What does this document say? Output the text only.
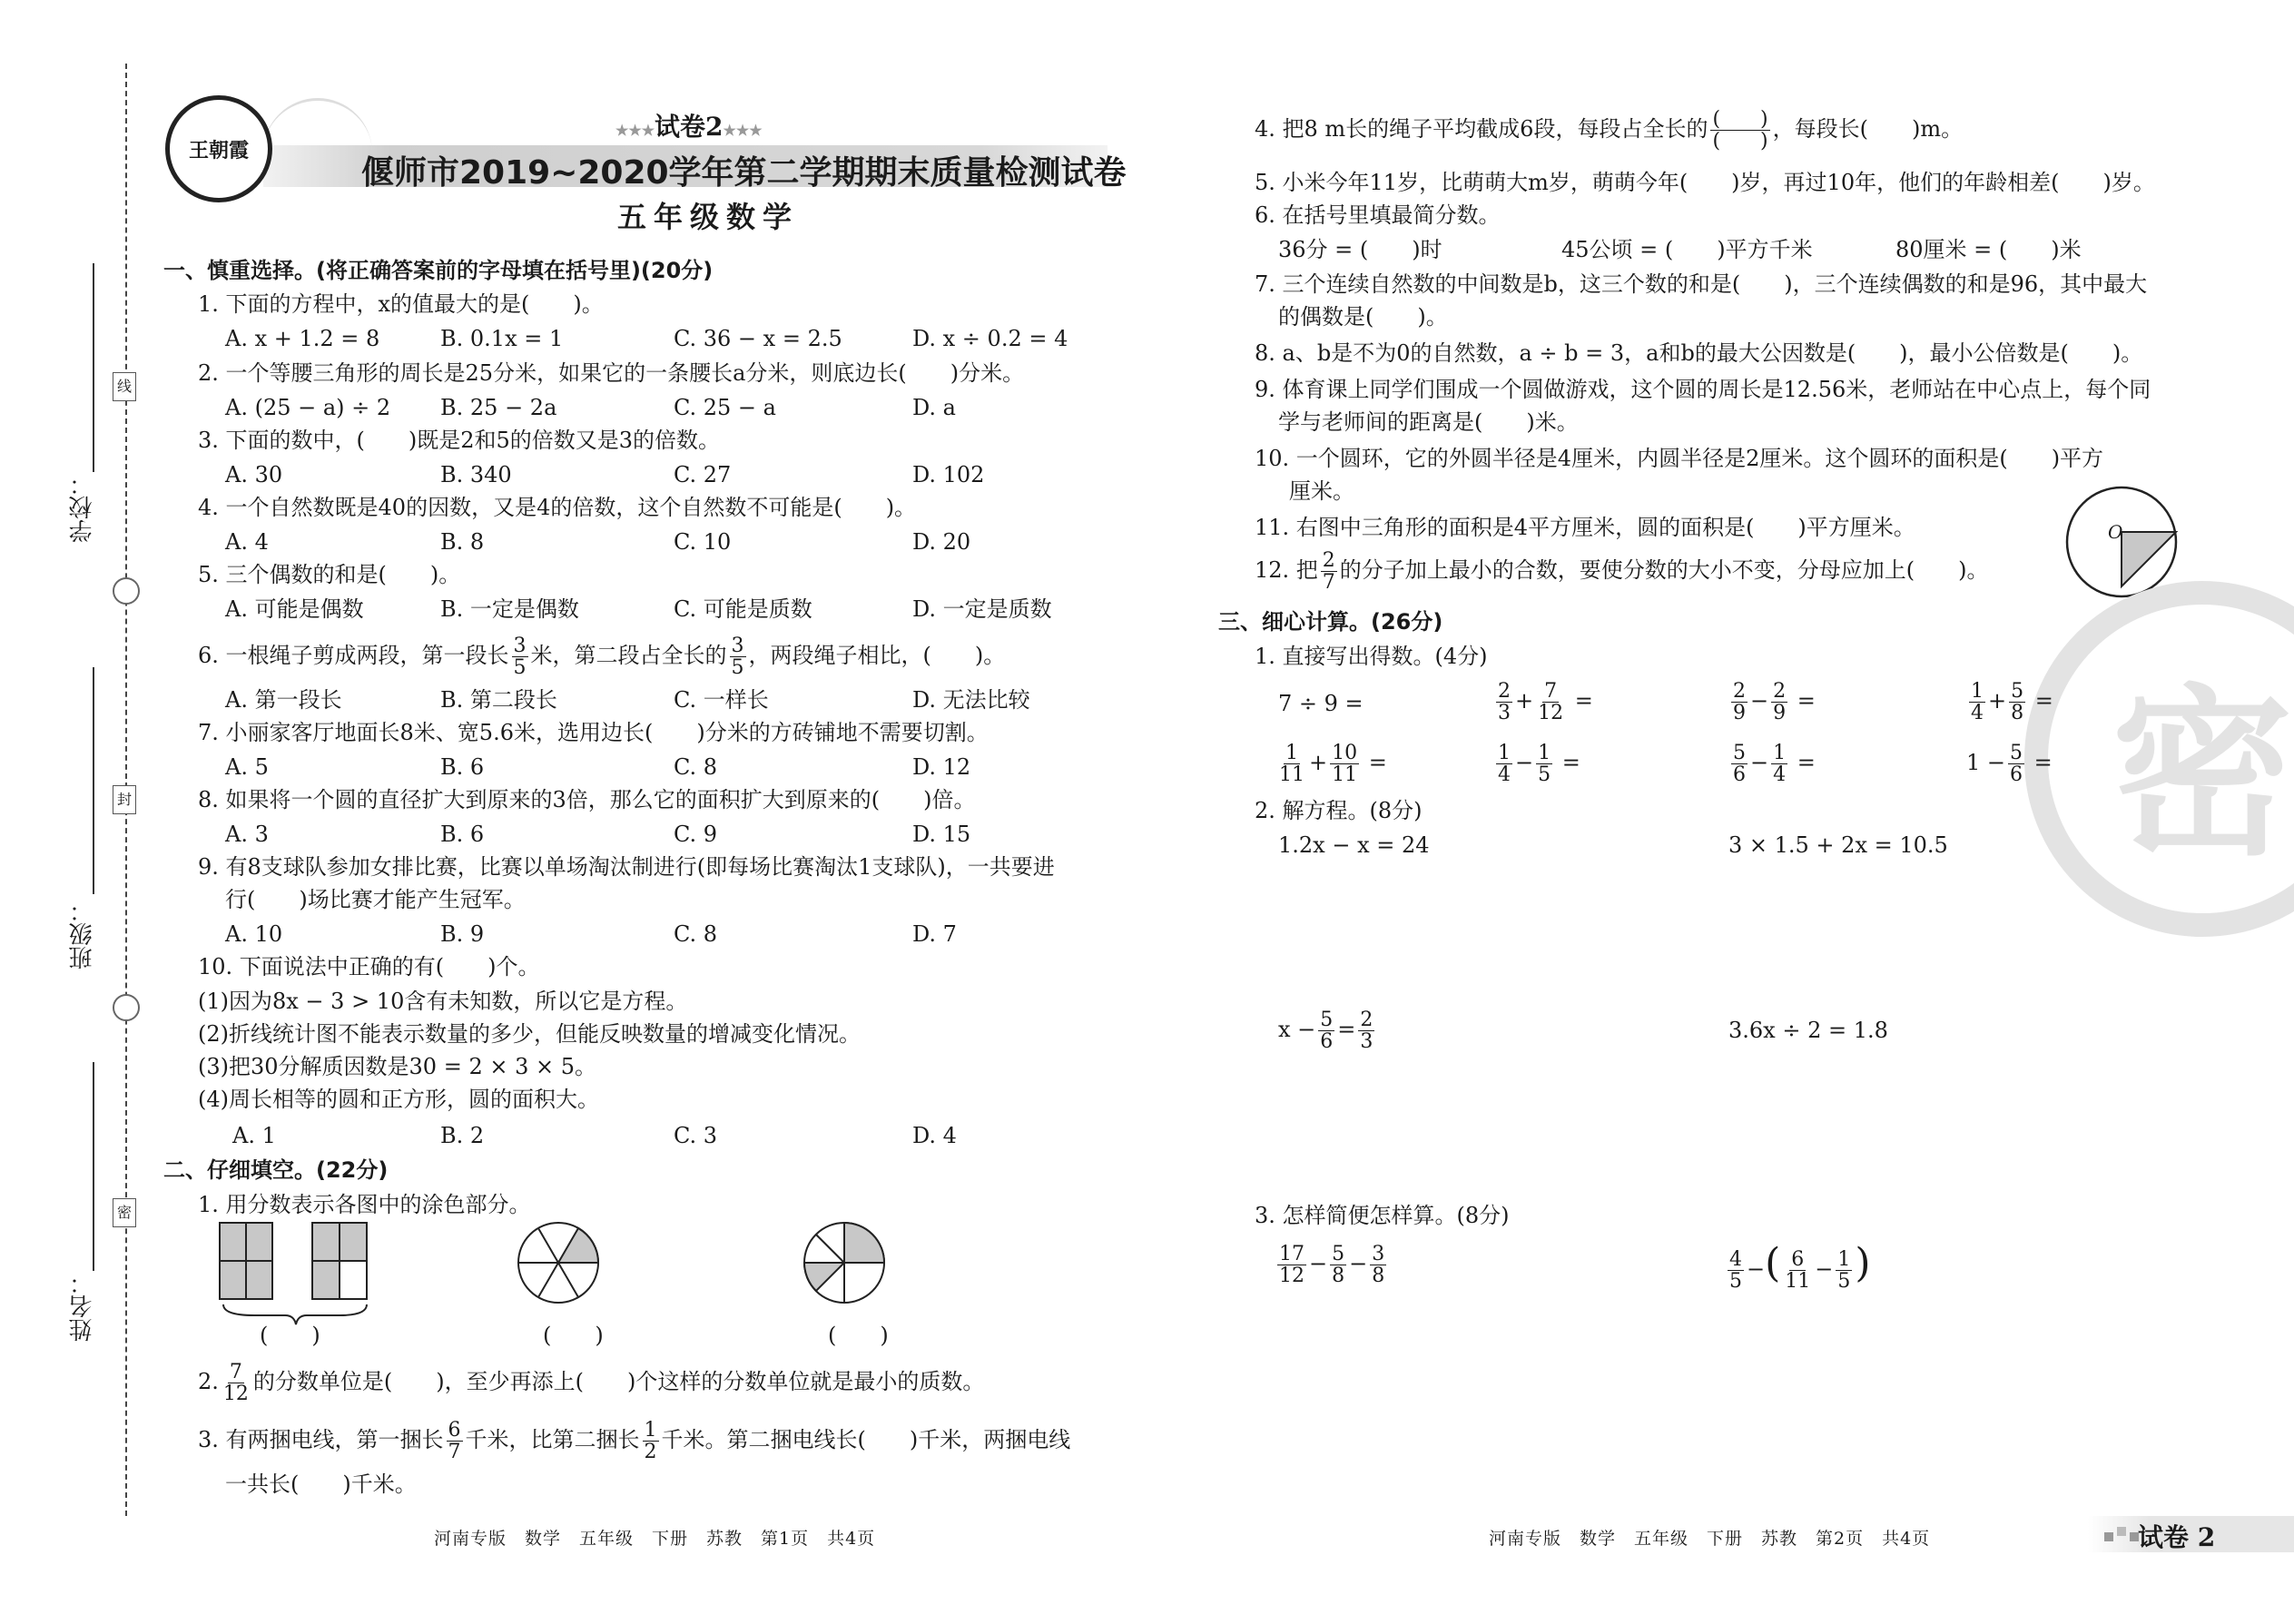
学校：
班级：
姓名：
线
封
密
王朝霞
★★★试卷2★★★
偃师市2019~2020学年第二学期期末质量检测试卷
五年级数学
一、慎重选择。(将正确答案前的字母填在括号里)(20分)
1. 下面的方程中，x的值最大的是(　　)。
A. x + 1.2 = 8	B. 0.1x = 1	C. 36 − x = 2.5	D. x ÷ 0.2 = 4
2. 一个等腰三角形的周长是25分米，如果它的一条腰长a分米，则底边长(　　)分米。
A. (25 − a) ÷ 2 B. 25 − 2a	C. 25 − a	D. a
3. 下面的数中，(　　)既是2和5的倍数又是3的倍数。
A. 30	B. 340	C. 27	D. 102
4. 一个自然数既是40的因数，又是4的倍数，这个自然数不可能是(　　)。
A. 4	B. 8	C. 10	D. 20
5. 三个偶数的和是(　　)。
A. 可能是偶数	B. 一定是偶数	C. 可能是质数	D. 一定是质数
6. 一根绳子剪成两段，第一段长 $\frac{3}{5}$ 米，第二段占全长的 $\frac{3}{5}$ ，两段绳子相比，(　　)。
A. 第一段长	B. 第二段长	C. 一样长	D. 无法比较
7. 小丽家客厅地面长8米、宽5.6米，选用边长(　　)分米的方砖铺地不需要切割。
A. 5	B. 6	C. 8	D. 12
8. 如果将一个圆的直径扩大到原来的3倍，那么它的面积扩大到原来的(　　)倍。
A. 3	B. 6	C. 9	D. 15
9. 有8支球队参加女排比赛，比赛以单场淘汰制进行(即每场比赛淘汰1支球队)，一共要进
行(　　)场比赛才能产生冠军。
A. 10	B. 9	C. 8	D. 7
10. 下面说法中正确的有(　　)个。
(1)因为8x − 3 > 10含有未知数，所以它是方程。
(2)折线统计图不能表示数量的多少，但能反映数量的增减变化情况。
(3)把30分解质因数是30 = 2 × 3 × 5。
(4)周长相等的圆和正方形，圆的面积大。
A. 1	B. 2	C. 3	D. 4
二、仔细填空。(22分)
1. 用分数表示各图中的涂色部分。
(　　)	(　　)	(　　)
2. $\frac{7}{12}$ 的分数单位是(　　)，至少再添上(　　)个这样的分数单位就是最小的质数。
3. 有两捆电线，第一捆长 $\frac{6}{7}$ 千米，比第二捆长 $\frac{1}{2}$ 千米。第二捆电线长(　　)千米，两捆电线
一共长(　　)千米。
河南专版　数学　五年级　下册　苏教　第1页　共4页
4. 把8 m长的绳子平均截成6段，每段占全长的 $\frac{( )}{( )}$ ，每段长(　　)m。
5. 小米今年11岁，比萌萌大m岁，萌萌今年(　　)岁，再过10年，他们的年龄相差(　　)岁。
6. 在括号里填最简分数。
36分 = (　　)时	45公顷 = (　　)平方千米	80厘米 = (　　)米
7. 三个连续自然数的中间数是b，这三个数的和是(　　)，三个连续偶数的和是96，其中最大
的偶数是(　　)。
8. a、b是不为0的自然数，a ÷ b = 3，a和b的最大公因数是(　　)，最小公倍数是(　　)。
9. 体育课上同学们围成一个圆做游戏，这个圆的周长是12.56米，老师站在中心点上，每个同
学与老师间的距离是(　　)米。
10. 一个圆环，它的外圆半径是4厘米，内圆半径是2厘米。这个圆环的面积是(　　)平方
厘米。
11. 右图中三角形的面积是4平方厘米，圆的面积是(　　)平方厘米。	O
12. 把 $\frac{2}{7}$ 的分子加上最小的合数，要使分数的大小不变，分母应加上(　　)。
密
三、细心计算。(26分)
1. 直接写出得数。(4分)
7 ÷ 9 =	$\frac{2}{3} + \frac{7}{12}$ =	$\frac{2}{9} - \frac{2}{9}$ =	$\frac{1}{4} + \frac{5}{8}$ =
$\frac{1}{11} + \frac{10}{11}$ =	$\frac{1}{4} - \frac{1}{5}$ =	$\frac{5}{6} - \frac{1}{4}$ =	$1 - \frac{5}{6}$ =
2. 解方程。(8分)
1.2x − x = 24	3 × 1.5 + 2x = 10.5
$x - \frac{5}{6} = \frac{2}{3}$	3.6x ÷ 2 = 1.8
3. 怎样简便怎样算。(8分)
$\frac{17}{12} - \frac{5}{8} - \frac{3}{8}$	$\frac{4}{5}$ −( $\frac{6}{11} - \frac{1}{5}$ )
河南专版　数学　五年级　下册　苏教　第2页　共4页	试卷 2
